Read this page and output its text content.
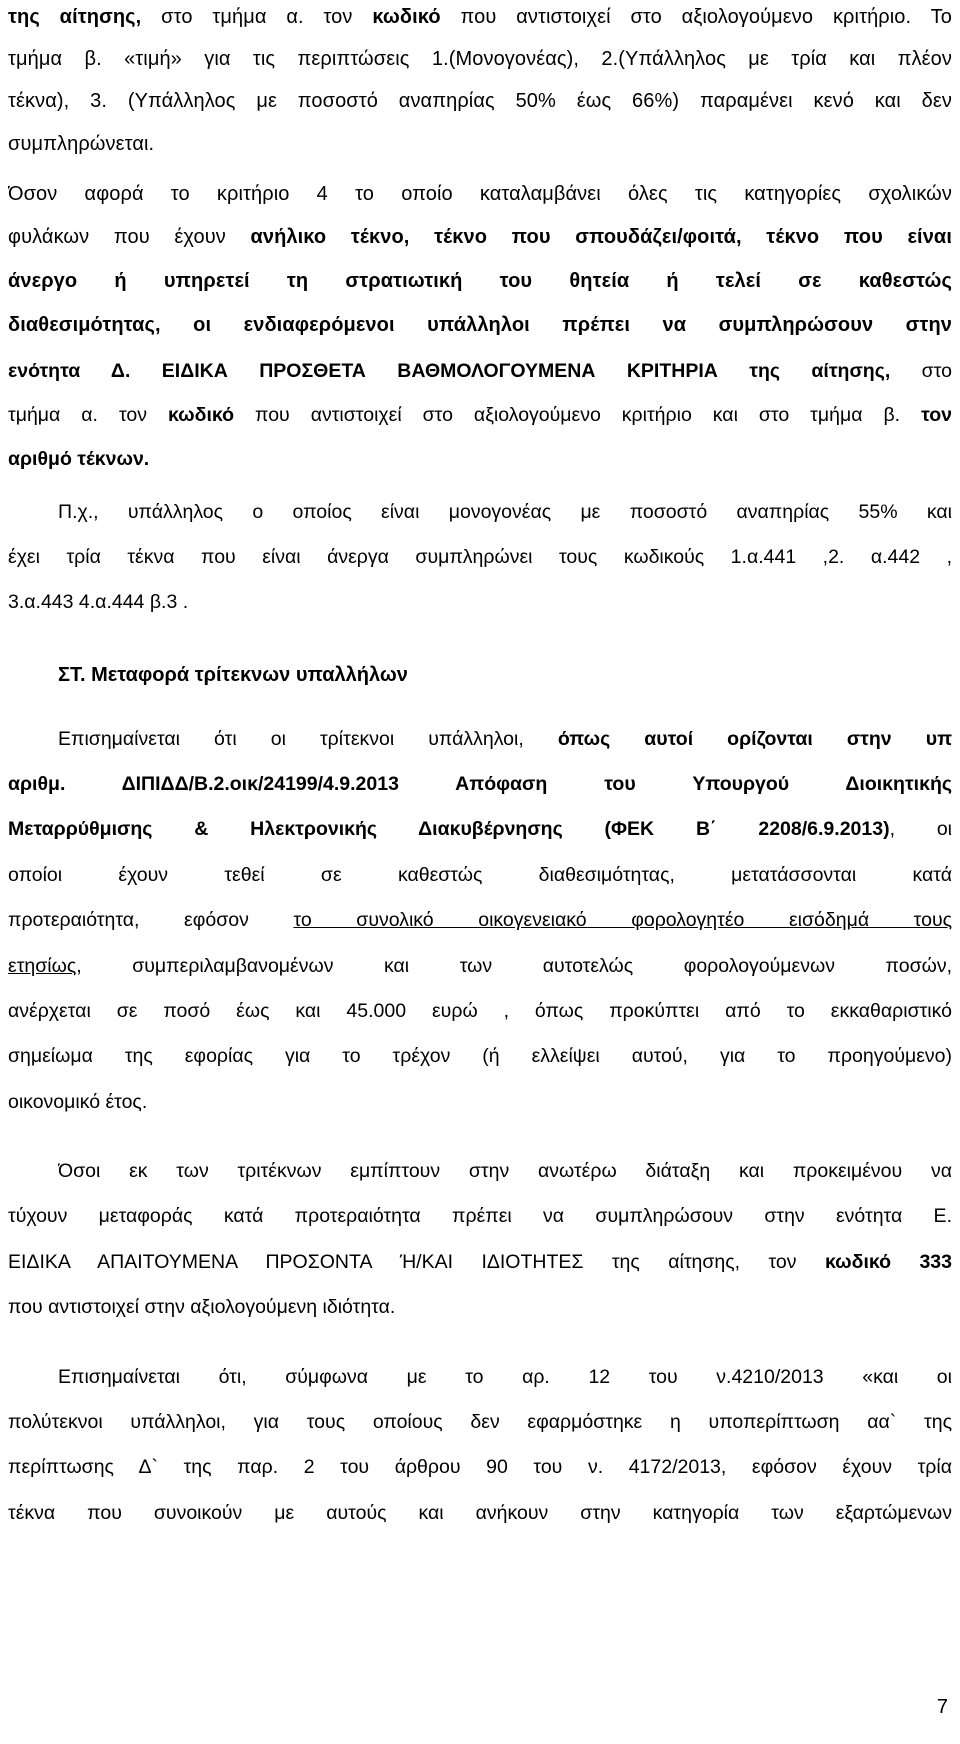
της αίτησης, στο τμήμα α. τον κωδικό που αντιστοιχεί στο αξιολογούμενο κριτήριο. Το
τμήμα β. «τιμή» για τις περιπτώσεις 1.(Μονογονέας), 2.(Υπάλληλος με τρία και πλέον
τέκνα), 3. (Υπάλληλος με ποσοστό αναπηρίας 50% έως 66%) παραμένει κενό και δεν
συμπληρώνεται.
Όσον αφορά το κριτήριο 4 το οποίο καταλαμβάνει όλες τις κατηγορίες σχολικών
φυλάκων που έχουν ανήλικο τέκνο, τέκνο που σπουδάζει/φοιτά, τέκνο που είναι
άνεργο ή υπηρετεί τη στρατιωτική του θητεία ή τελεί σε καθεστώς
διαθεσιμότητας, οι ενδιαφερόμενοι υπάλληλοι πρέπει να συμπληρώσουν στην
ενότητα Δ. ΕΙΔΙΚΑ ΠΡΟΣΘΕΤΑ ΒΑΘΜΟΛΟΓΟΥΜΕΝΑ ΚΡΙΤΗΡΙΑ της αίτησης, στο
τμήμα α. τον κωδικό που αντιστοιχεί στο αξιολογούμενο κριτήριο και στο τμήμα β. τον
αριθμό τέκνων.
Π.χ., υπάλληλος ο οποίος είναι μονογονέας με ποσοστό αναπηρίας 55% και
έχει τρία τέκνα που είναι άνεργα συμπληρώνει τους κωδικούς 1.α.441 ,2. α.442 ,
3.α.443 4.α.444 β.3 .
ΣΤ. Μεταφορά τρίτεκνων υπαλλήλων
Επισημαίνεται ότι οι τρίτεκνοι υπάλληλοι, όπως αυτοί ορίζονται στην υπ
αριθμ. ΔΙΠΙΔΔ/Β.2.οικ/24199/4.9.2013 Απόφαση του Υπουργού Διοικητικής
Μεταρρύθμισης & Ηλεκτρονικής Διακυβέρνησης (ΦΕΚ Β΄ 2208/6.9.2013), οι
οποίοι έχουν τεθεί σε καθεστώς διαθεσιμότητας, μετατάσσονται κατά
προτεραιότητα, εφόσον το συνολικό οικογενειακό φορολογητέο εισόδημά τους
ετησίως, συμπεριλαμβανομένων και των αυτοτελώς φορολογούμενων ποσών,
ανέρχεται σε ποσό έως και 45.000 ευρώ , όπως προκύπτει από το εκκαθαριστικό
σημείωμα της εφορίας για το τρέχον (ή ελλείψει αυτού, για το προηγούμενο)
οικονομικό έτος.
Όσοι εκ των τριτέκνων εμπίπτουν στην ανωτέρω διάταξη και προκειμένου να
τύχουν μεταφοράς κατά προτεραιότητα πρέπει να συμπληρώσουν στην ενότητα Ε.
ΕΙΔΙΚΑ ΑΠΑΙΤΟΥΜΕΝΑ ΠΡΟΣΟΝΤΑ Ή/ΚΑΙ ΙΔΙΟΤΗΤΕΣ της αίτησης, τον κωδικό 333
που αντιστοιχεί στην αξιολογούμενη ιδιότητα.
Επισημαίνεται ότι, σύμφωνα με το αρ. 12 του ν.4210/2013 «και οι
πολύτεκνοι υπάλληλοι, για τους οποίους δεν εφαρμόστηκε η υποπερίπτωση αα` της
περίπτωσης Δ` της παρ. 2 του άρθρου 90 του ν. 4172/2013, εφόσον έχουν τρία
τέκνα που συνοικούν με αυτούς και ανήκουν στην κατηγορία των εξαρτώμενων
7
